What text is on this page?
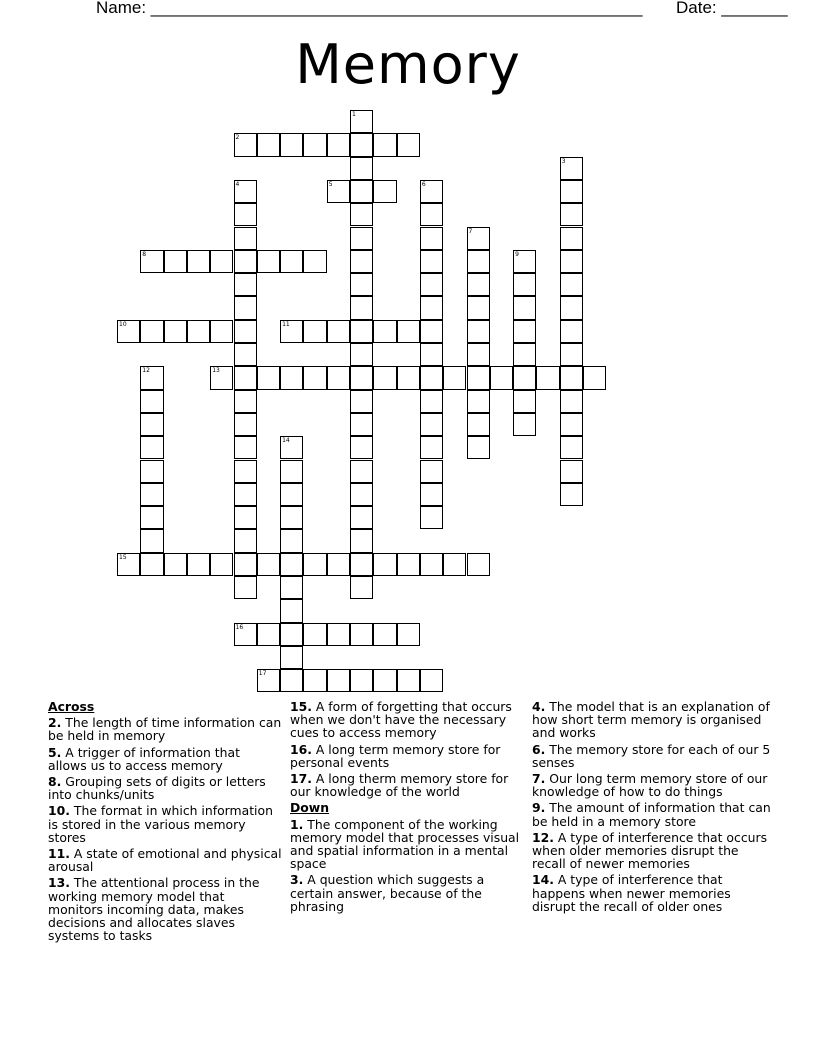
Name: ____________________________________________________	Date: _______
Memory
2
5
8
10	11
13
15
16
17
1
3
4	6
7
9
12
14
Across
2. The length of time information can be held in memory
5. A trigger of information that allows us to access memory
8. Grouping sets of digits or letters into chunks/units
10. The format in which information is stored in the various memory stores
11. A state of emotional and physical arousal
13. The attentional process in the working memory model that monitors incoming data, makes decisions and allocates slaves systems to tasks
15. A form of forgetting that occurs when we don't have the necessary cues to access memory
16. A long term memory store for personal events
17. A long therm memory store for our knowledge of the world
Down
1. The component of the working memory model that processes visual and spatial information in a mental space
3. A question which suggests a certain answer, because of the phrasing
4. The model that is an explanation of how short term memory is organised and works
6. The memory store for each of our 5 senses
7. Our long term memory store of our knowledge of how to do things
9. The amount of information that can be held in a memory store
12. A type of interference that occurs when older memories disrupt the recall of newer memories
14. A type of interference that happens when newer memories disrupt the recall of older ones
